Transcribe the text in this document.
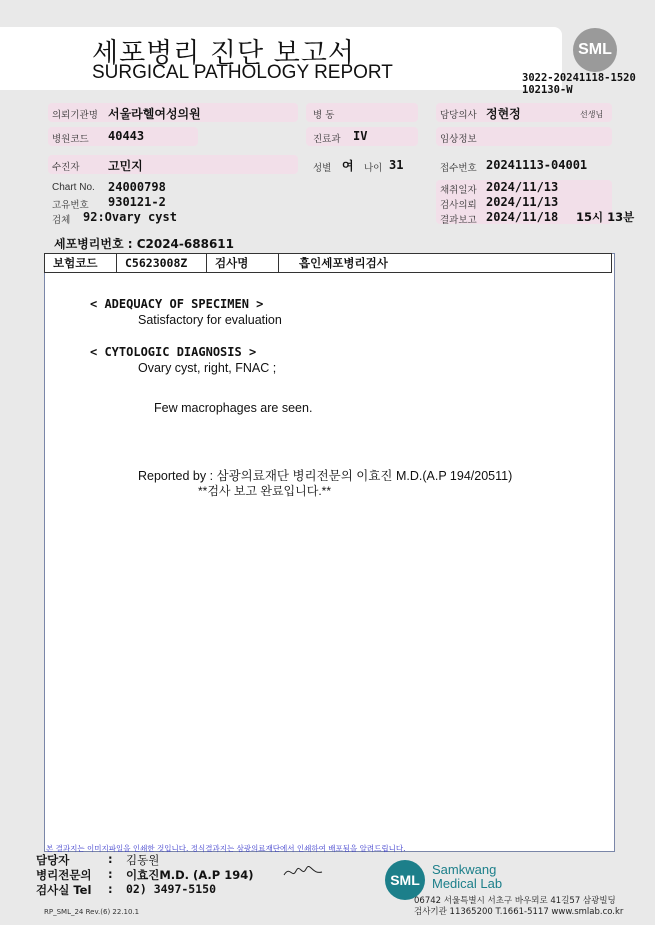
세포병리 진단 보고서
SURGICAL PATHOLOGY REPORT
SML
3022-20241118-1520
102130-W
의뢰기관명 서울라헬여성의원	병 동	담당의사 정현정	선생님
병원코드 40443	진료과 IV	임상정보
수진자 고민지	성별 여 나이 31	접수번호 20241113-04001
Chart No. 24000798
고유번호 930121-2
검체 92:Ovary cyst
채취일자 2024/11/13
검사의뢰 2024/11/13
결과보고 2024/11/18 15시 13분
세포병리번호 : C2024-688611
보험코드	C5623008Z	검사명	흡인세포병리검사
< ADEQUACY OF SPECIMEN >
Satisfactory for evaluation
< CYTOLOGIC DIAGNOSIS >
Ovary cyst, right, FNAC ;
Few macrophages are seen.
Reported by : 삼광의료재단 병리전문의 이효진 M.D.(A.P 194/20511)
**검사 보고 완료입니다.**
본 결과지는 이미지파일을 인쇄한 것입니다. 정식결과지는 삼광의료재단에서 인쇄하여 배포됨을 알려드립니다.
담당자	: 김동원
병리전문의 : 이효진M.D. (A.P 194)
검사실 Tel : 02) 3497-5150
SML
Samkwang
Medical Lab
06742 서울특별시 서초구 바우뫼로 41길57 삼광빌딩
검사기관 11365200 T.1661-5117 www.smlab.co.kr
RP_SML_24 Rev.(6) 22.10.1
